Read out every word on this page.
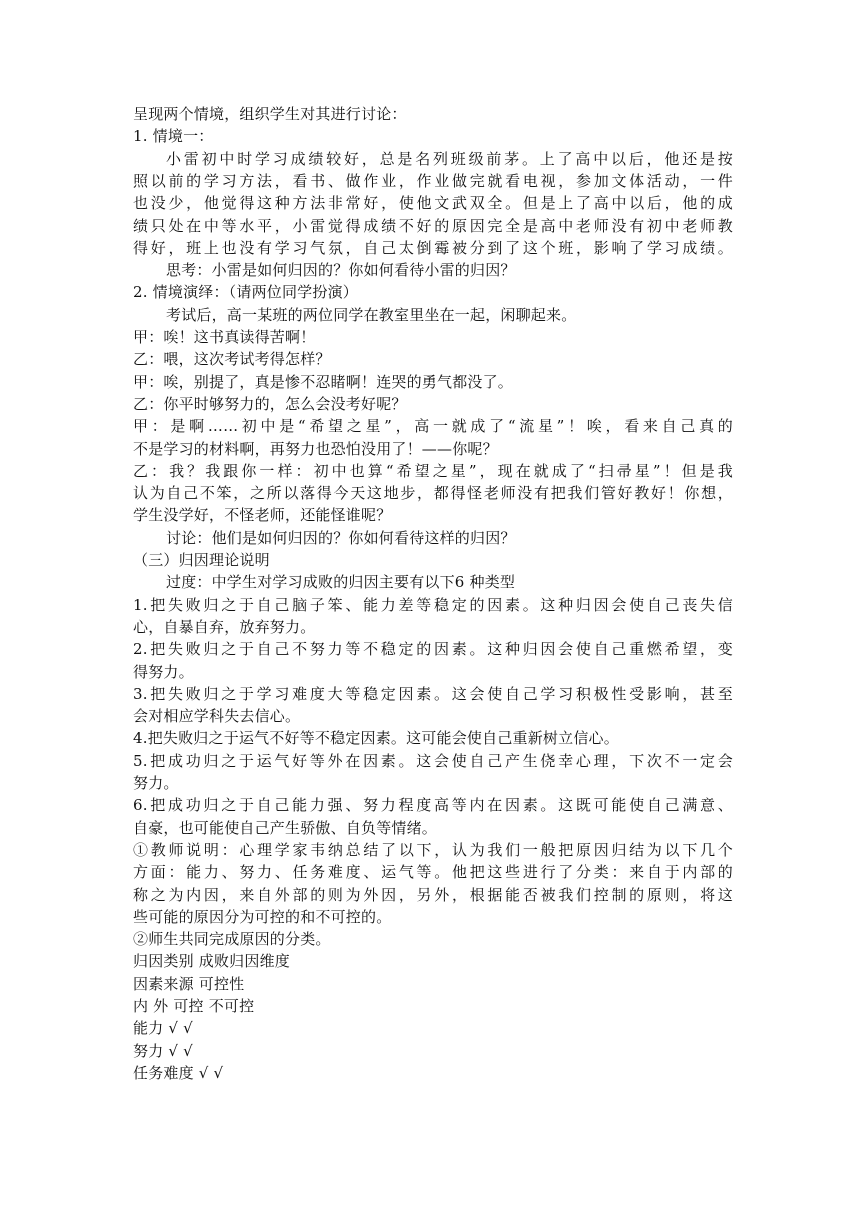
呈现两个情境，组织学生对其进行讨论：
1. 情境一：
小雷初中时学习成绩较好，总是名列班级前茅。上了高中以后，他还是按
照以前的学习方法，看书、做作业，作业做完就看电视，参加文体活动，一件
也没少，他觉得这种方法非常好，使他文武双全。但是上了高中以后，他的成
绩只处在中等水平，小雷觉得成绩不好的原因完全是高中老师没有初中老师教
得好，班上也没有学习气氛，自己太倒霉被分到了这个班，影响了学习成绩。
思考：小雷是如何归因的？你如何看待小雷的归因？
2. 情境演绎：（请两位同学扮演）
考试后，高一某班的两位同学在教室里坐在一起，闲聊起来。
甲：唉！这书真读得苦啊！
乙：喂，这次考试考得怎样？
甲：唉，别提了，真是惨不忍睹啊！连哭的勇气都没了。
乙：你平时够努力的，怎么会没考好呢？
甲：是啊……初中是“希望之星”，高一就成了“流星”！唉，看来自己真的
不是学习的材料啊，再努力也恐怕没用了！——你呢？
乙：我？我跟你一样：初中也算“希望之星”，现在就成了“扫帚星”！但是我
认为自己不笨，之所以落得今天这地步，都得怪老师没有把我们管好教好！你想，
学生没学好，不怪老师，还能怪谁呢？
讨论：他们是如何归因的？你如何看待这样的归因？
（三）归因理论说明
过度：中学生对学习成败的归因主要有以下6 种类型
1.把失败归之于自己脑子笨、能力差等稳定的因素。这种归因会使自己丧失信
心，自暴自弃，放弃努力。
2.把失败归之于自己不努力等不稳定的因素。这种归因会使自己重燃希望，变
得努力。
3.把失败归之于学习难度大等稳定因素。这会使自己学习积极性受影响，甚至
会对相应学科失去信心。
4.把失败归之于运气不好等不稳定因素。这可能会使自己重新树立信心。
5.把成功归之于运气好等外在因素。这会使自己产生侥幸心理，下次不一定会
努力。
6.把成功归之于自己能力强、努力程度高等内在因素。这既可能使自己满意、
自豪，也可能使自己产生骄傲、自负等情绪。
①教师说明：心理学家韦纳总结了以下，认为我们一般把原因归结为以下几个
方面：能力、努力、任务难度、运气等。他把这些进行了分类：来自于内部的
称之为内因，来自外部的则为外因，另外，根据能否被我们控制的原则，将这
些可能的原因分为可控的和不可控的。
②师生共同完成原因的分类。
归因类别 成败归因维度
因素来源 可控性
内 外 可控 不可控
能力 √ √
努力 √ √
任务难度 √ √
